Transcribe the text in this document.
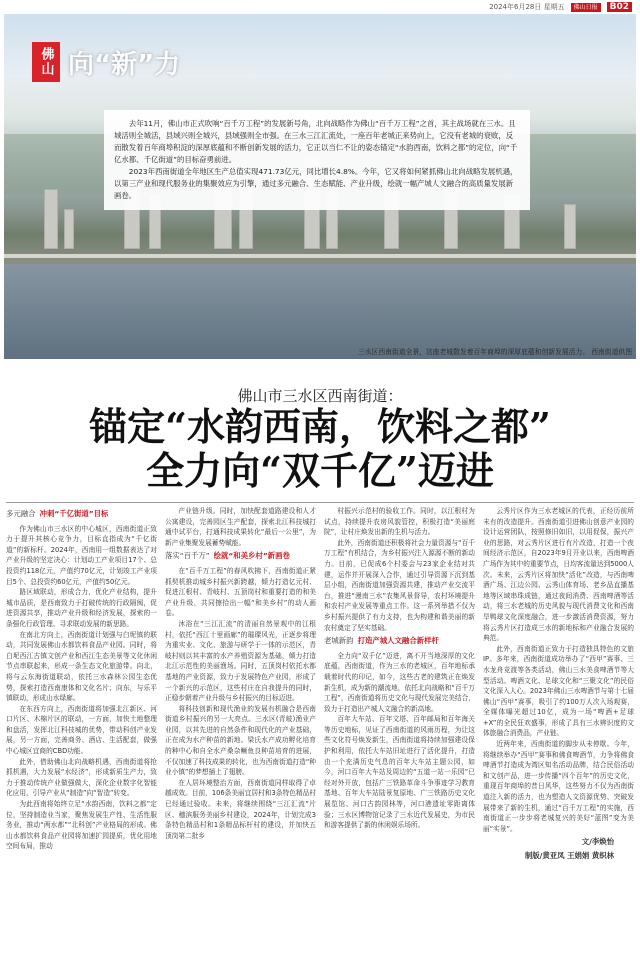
2024年6月28日 星期五	佛山日报	B02
佛山 向“新”力

去年11月，佛山市正式吹响“百千万工程”的发展新号角，北向战略作为佛山“百千万工程”之首，其主战场就在三水。且城活则全城活，县域兴则全城兴，县域强则全市强。在三水三江汇流处，一座百年老城正来势向上，它没有老城的衰败，反而散发着百年商埠积淀的深厚底蕴和不断创新发展的活力，它正以当仁不让的姿态锚定“水韵西南，饮料之都”的定位，向“千亿水都、千亿街道”的目标奋勇前进。

2023年西南街道全年地区生产总值实现471.73亿元，同比增长4.8%。今年，它又将如何紧抓佛山北向战略发展机遇，以第三产业和现代服务业的集聚效应为引擎，通过多元融合、生态赋能、产业升级，绘就一幅产城人文融合的高质量发展新画卷。

三水区西南街道全景，这座老城散发着百年商埠的深厚底蕴和创新发展活力。 西南街道供图
佛山市三水区西南街道：
锚定“水韵西南，饮料之都”
全力向“双千亿”迈进
多元融合 冲刺“千亿街道”目标

作为佛山市三水区的中心城区，西南街道正致力于提升其核心竞争力，目标直指成为“千亿街道”的新标杆。2024年，西南用一组数据表达了对产业升级的坚定决心：计划动工产业项目17个、总投资约118亿元，产值约70亿元，计划竣工产业项目5个、总投资约60亿元，产值约50亿元。

路区域联动，形成合力，优化产业结构，提升城市品质，是西南致力于打破传统的行政隔阂，促进资源共享，推动产业升级和经济发展，探索的一条强化行政管理、寻求联动发展的新思路。

在南北方向上，西南街道计划强与白坭镇的联动，共同发展佛山水都饮料食品产业园。同时，将白坭西江古镇文创产业和西江生态美景等文化休闲节点串联起来，形成一条生态文化旅游带。向北，将与云东海街道联动，依托三水森林公园生态优势，探索打造西南康体和文化名片；向东，与乐平镇联动，形成山水绿廊。

在东西方向上，西南街道将加强北江新区、河口片区、木棉片区的联动，一方面，加快土地整理和盘活，发挥北江科技城的优势，带动科创产业发展，另一方面，完善商务、酒店、生活配套，做强中心城区宜商的CBD功能。

此外，借助佛山北向战略机遇，西南街道将抢抓机遇，大力发展“水经济”，形成新质生产力，致力于推动传统产业做强做大，深化企业数字化智能化应用，引导产业从“制造”向“智造”转变。

为此西南将始终立足“水韵西南，饮料之都”定位，坚持制造业当家，聚焦发展生产性、生活性服务业，推动“两水都”“北科创”产业格局的形成。佛山水都饮料食品产业园将加速扩园提质，优化用地空间布局，推动

产业链升级。同时，加快配套道路建设和人才公寓建设，完善园区生产配套，探索北江科技城打通中试平台，打通科技成果转化“最后一公里”，为新产业集聚发展蓄势赋能。

落实“百千万” 绘就“和美乡村”新画卷

在“百千万工程”的春风吹拂下，西南街道正紧抓契机推动城乡村振兴新跨越，倾力打造亿元村、促进江根村、青岐村、五顶岗村和重要打造的和美产业升级，共同擦拾出一幅“和美乡村”的动人画卷。

沐浴在“三江汇流”的清丽自然景观中的江根村，依托“西江十里画廊”的璀璨风光，正逐步将理为重实业、文化、旅游与研学于一体的示范区，青岐村则以其丰富的水产养殖资源为基础，倾力打造北江示范性的美丽渔场。同时，五顶岗村依托水都基地的产业资源，致力于发展特色产业园，形成了一个新兴的示范区，这些村庄在自我提升的同时，正稳步朝着产业升级与乡村振兴的目标迈进。

将科技创新和现代渔业的发展有机融合是西南街道乡村振兴的另一大亮点。三水区(青岐)渔业产业园，以其先进的自然条件和现代化的产业基础，正在成为水产种苗的新地。梁氏水产成功孵化培育的种中心和自全水产桑杂鳜鱼良种苗培育的进展，不仅加速了科技成果的转化，也为西南街道打造“种业小镇”的梦想插上了翅膀。

在人居环境整治方面，西南街道同样取得了卓越成效。目前，106条美丽宜居村和3条特色精品村已经通过验收。未来，将继续围绕“三江汇流”片区、穗滨服务美丽乡村建设，2024年，计划完成3条特色精品村和1条精品标杆村的建设，并加快五顶岗第二批乡

村振兴示范村的验收工作。同时，以江根村为试点，持续提升农房风貌管控，积极打造“美丽庭院”，让村庄焕发出新的生机与活力。

此外，西南街道还积极将社会力量资源与“百千万工程”有机结合，为乡村振兴注入源源不断的新动力。目前，已促成6个村委会与23家企业结对共建，运作并开展深入合作，通过引导资源下沉到基层小组，西南街道加强资源共建，推动产业交流平台，推进“漫南三水”农集风景督导，农村环境提升和农村产业发展等重点工作。这一系列举措不仅为乡村振兴提供了有力支持，也为构建和谐美丽的新农村奠定了坚实基础。

老城新韵 打造产城人文融合新样杆

全力向“双千亿”迈进，离不开当地深厚的文化底蕴，西南街道，作为三水的老城区，百年地标承载着时代的印记，如今，这些古老的建筑正在焕发新生机，成为新的潮流地，依托北向战略和“百千万工程”，西南街道将历史文化与现代发展完美结合，致力于打造出产城人文融合的新高地。

百年大车站、百年文塔、百年邮局和百年海关等历史地标，见证了西南街道的风雨历程，为让这些文化符号焕发新生，西南街道将持续加强建设保护和利用，依托大车站旧址进行了活化提升，打造由一个充满历史气息的百年大车站主题公园，如今，河口百年大车站及周边的“五道一站一乐园”已经对外开放，包括广三铁路革命斗争事迹学习教育基地、百年大车站陆景复原地、广三铁路历史文化展览馆、河口古韵园林等，河口港遗址零距离体验；三水区博物馆记录了三水近代发展史，为市民和游客提供了新的休闲娱乐场所。

云秀片区作为三水老城区的代表，正经历前所未有的改造提升。西南街道引进佛山创意产业园的设计运营团队，按照修旧如旧，以用促保，振兴产业的思路，对云秀片区进行有片改造，打造一个夜间经济示范区，自2023年9月开业以来，西南啤酒广场作为其中的重要节点，日均客流量达到5000人次。未来，云秀片区将加快“活化”改造，与西南啤酒广场、江边公园、云秀山体育场、老乡品直播基地等区域串珠成链，通过夜间消费、西南啤酒等活动，将三水老城的历史风貌与现代消费文化和西南旱鸭球文化深度融合，进一步激活消费资源，努力将云秀片区打造成三水的新地标和产业融合发展的典范。

此外，西南街道正致力于打造独具特色的文旅IP。多年来，西南街道成功举办了“西甲”赛事、三水龙舟竞渡等各类活动，佛山三水美食啤酒节等大型活动。啤酒文化、足球文化和“三聚文化”的民俗文化深入人心。2023年佛山三水啤酒节与第十七届佛山“西甲”赛事，吸引了约100万人次入场观赛，全媒体曝光超过10亿，成为一场“啤酒+足球+X”的全民狂欢盛事，形成了具有三水辨识度的文体旅融合消费品，产业链。

近两年来，西南街道的脚步从未停歇。今年，将继续举办“西甲”赛事和佛食啤酒节，力争将佛食啤酒节打造成为湾区知名活动品牌，结合民俗活动和文创产品，进一步传播“四个百年”的历史文化，重现百年商埠的昔日风华，这些努力不仅为西南街道注入新的活力，也为塑造人文资源优势、突破发展带来了新的生机，通过“百千万工程”的实施，西南街道正一步步将老城复兴的美好“蓝图”变为美丽“实景”。

文/李焕怡
制版/黄亚凤 王娟娟 黄织林
